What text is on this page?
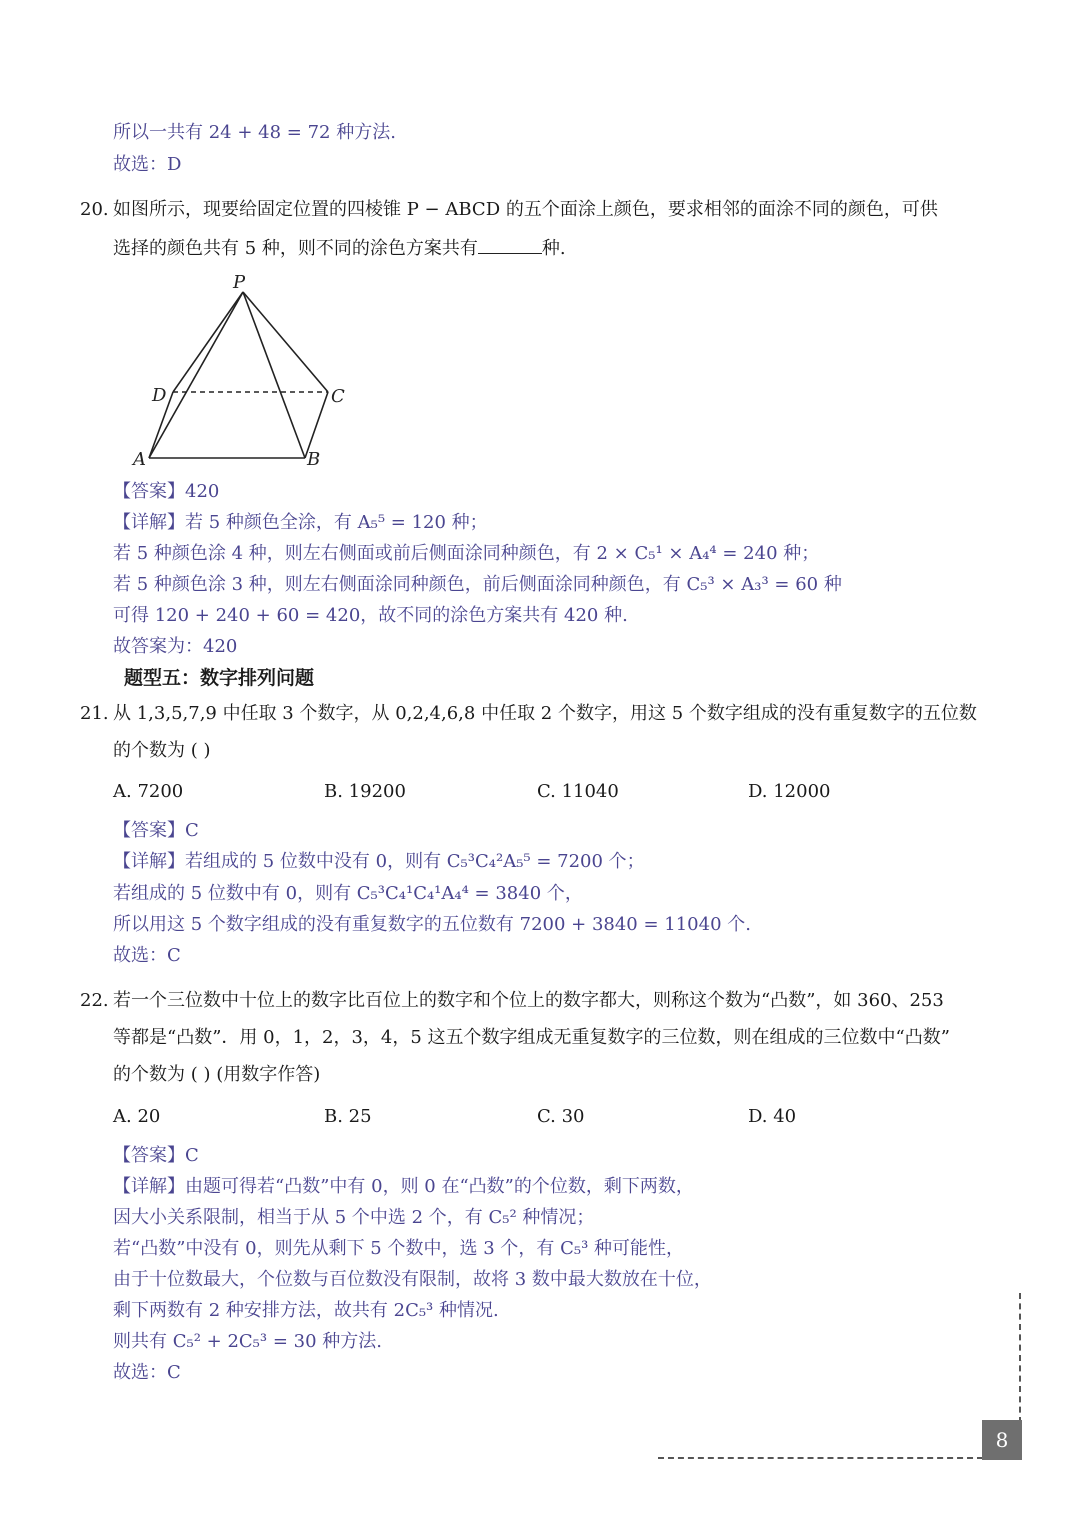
所以一共有 24 + 48 = 72 种方法.
故选：D
20. 如图所示，现要给固定位置的四棱锥 P − ABCD 的五个面涂上颜色，要求相邻的面涂不同的颜色，可供
选择的颜色共有 5 种，则不同的涂色方案共有	种.
P
A	B
C
D
【答案】420
【详解】若 5 种颜色全涂，有 A₅⁵ = 120 种；
若 5 种颜色涂 4 种，则左右侧面或前后侧面涂同种颜色，有 2 × C₅¹ × A₄⁴ = 240 种；
若 5 种颜色涂 3 种，则左右侧面涂同种颜色，前后侧面涂同种颜色，有 C₅³ × A₃³ = 60 种
可得 120 + 240 + 60 = 420，故不同的涂色方案共有 420 种.
故答案为：420
题型五：数字排列问题
21. 从 1,3,5,7,9 中任取 3 个数字，从 0,2,4,6,8 中任取 2 个数字，用这 5 个数字组成的没有重复数字的五位数
的个数为 ( )
A. 7200	B. 19200	C. 11040	D. 12000
【答案】C
【详解】若组成的 5 位数中没有 0，则有 C₅³C₄²A₅⁵ = 7200 个；
若组成的 5 位数中有 0，则有 C₅³C₄¹C₄¹A₄⁴ = 3840 个，
所以用这 5 个数字组成的没有重复数字的五位数有 7200 + 3840 = 11040 个.
故选：C
22. 若一个三位数中十位上的数字比百位上的数字和个位上的数字都大，则称这个数为“凸数”，如 360、253
等都是“凸数”．用 0，1，2，3，4，5 这五个数字组成无重复数字的三位数，则在组成的三位数中“凸数”
的个数为 ( ) (用数字作答)
A. 20	B. 25	C. 30	D. 40
【答案】C
【详解】由题可得若“凸数”中有 0，则 0 在“凸数”的个位数，剩下两数，
因大小关系限制，相当于从 5 个中选 2 个，有 C₅² 种情况；
若“凸数”中没有 0，则先从剩下 5 个数中，选 3 个，有 C₅³ 种可能性，
由于十位数最大，个位数与百位数没有限制，故将 3 数中最大数放在十位，
剩下两数有 2 种安排方法，故共有 2C₅³ 种情况.
则共有 C₅² + 2C₅³ = 30 种方法.
故选：C
8
